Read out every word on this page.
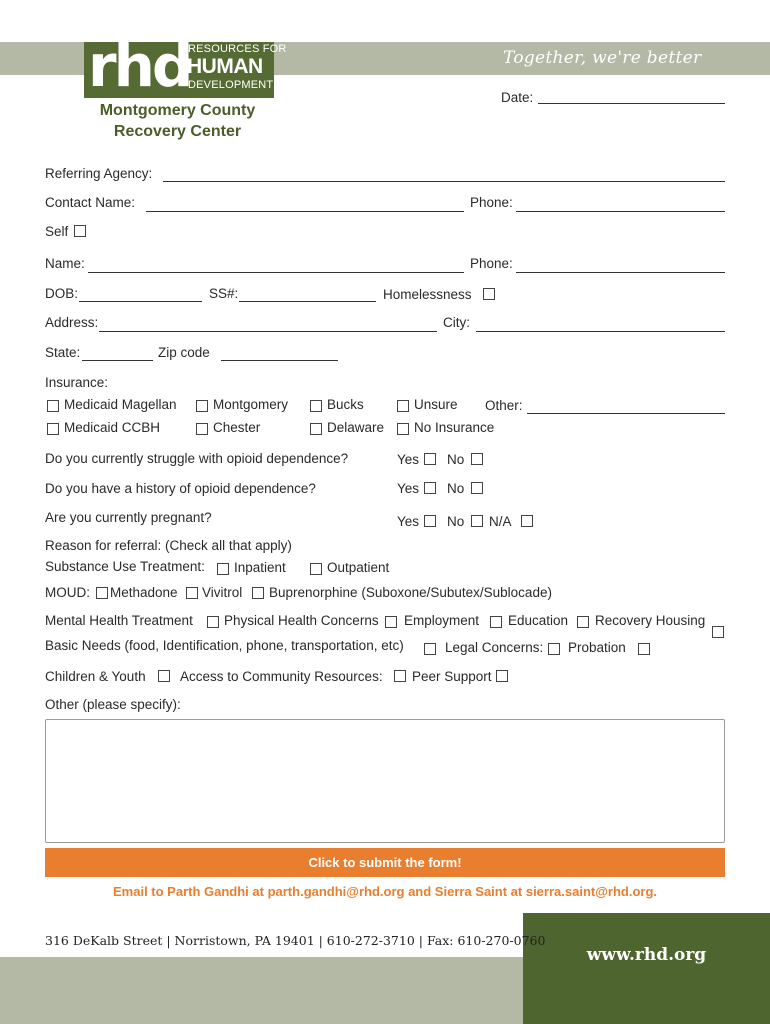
Together, we're better
rhd
RESOURCES FOR
HUMAN
DEVELOPMENT
Montgomery County
Recovery Center
Date:
Referring Agency:
Contact Name:	Phone:
Self
Name:	Phone:
DOB:	SS#:	Homelessness
Address:	City:
State:	Zip code
Insurance:
Medicaid Magellan	Montgomery	Bucks	Unsure Other:
Medicaid CCBH	Chester	Delaware No Insurance
Do you currently struggle with opioid dependence?	Yes No
Do you have a history of opioid dependence?	Yes No
Are you currently pregnant?	Yes No N/A
Reason for referral: (Check all that apply)
Substance Use Treatment: Inpatient	Outpatient
MOUD: Methadone Vivitrol Buprenorphine (Suboxone/Subutex/Sublocade)
Mental Health Treatment Physical Health Concerns Employment Education Recovery Housing
Basic Needs (food, Identification, phone, transportation, etc)	Legal Concerns: Probation
Children & Youth	Access to Community Resources: Peer Support
Other (please specify):
Click to submit the form!
Email to Parth Gandhi at parth.gandhi@rhd.org and Sierra Saint at sierra.saint@rhd.org.
316 DeKalb Street | Norristown, PA 19401 | 610-272-3710 | Fax: 610-270-0760
www.rhd.org
